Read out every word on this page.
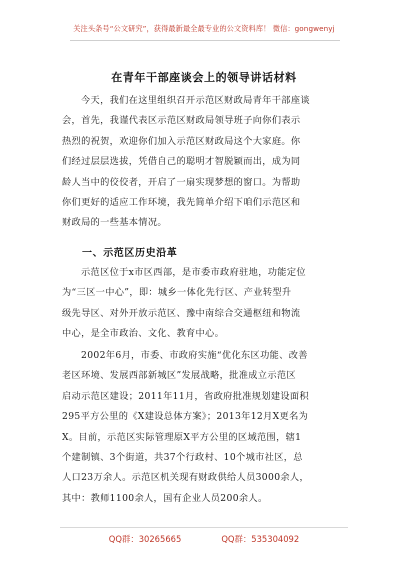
关注头条号“公文研究”，获得最新最全最专业的公文资料库！ 微信：gongwenyj
在青年干部座谈会上的领导讲话材料
今天，我们在这里组织召开示范区财政局青年干部座谈
会，首先，我谨代表区示范区财政局领导班子向你们表示
热烈的祝贺，欢迎你们加入示范区财政局这个大家庭。你
们经过层层选拔，凭借自己的聪明才智脱颖而出，成为同
龄人当中的佼佼者，开启了一扇实现梦想的窗口。为帮助
你们更好的适应工作环境，我先简单介绍下咱们示范区和
财政局的一些基本情况。
一、示范区历史沿革
示范区位于x市区西部，是市委市政府驻地，功能定位
为“三区一中心”，即：城乡一体化先行区、产业转型升
级先导区、对外开放示范区、豫中南综合交通枢纽和物流
中心，是全市政治、文化、教育中心。
2002年6月，市委、市政府实施“优化东区功能、改善
老区环境、发展西部新城区”发展战略，批准成立示范区
启动示范区建设；2011年11月，省政府批准规划建设面积
295平方公里的《X建设总体方案》；2013年12月X更名为
X。目前，示范区实际管理原X平方公里的区域范围，辖1
个建制镇、3个街道，共37个行政村、10个城市社区，总
人口23万余人。示范区机关现有财政供给人员3000余人，
其中：教师1100余人，国有企业人员200余人。
QQ群：30265665	QQ群：535304092
